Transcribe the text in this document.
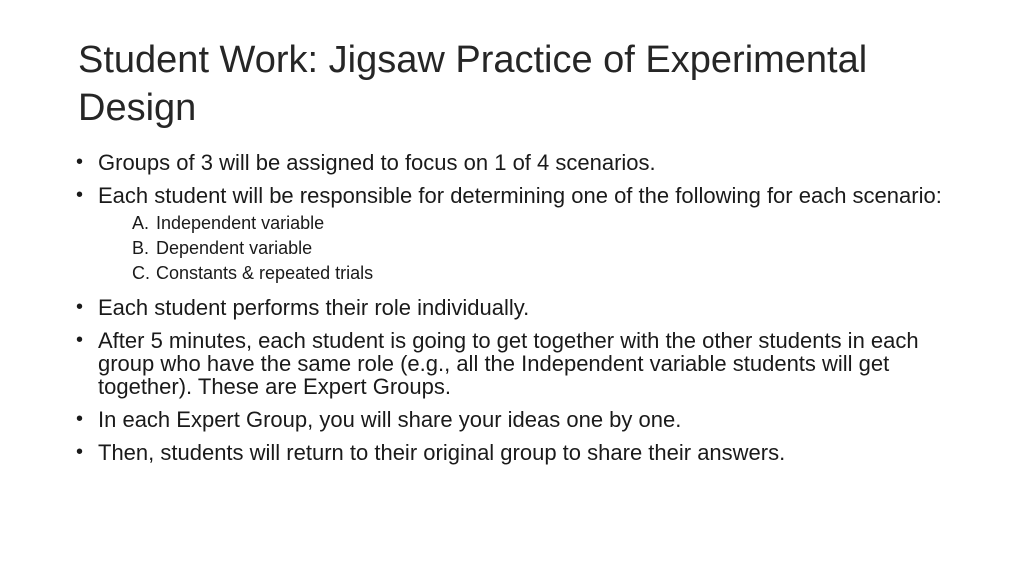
Student Work: Jigsaw Practice of Experimental Design
• Groups of 3 will be assigned to focus on 1 of 4 scenarios.
• Each student will be responsible for determining one of the following for each scenario:
A. Independent variable
B. Dependent variable
C. Constants & repeated trials
• Each student performs their role individually.
• After 5 minutes, each student is going to get together with the other students in each group who have the same role (e.g., all the Independent variable students will get together). These are Expert Groups.
• In each Expert Group, you will share your ideas one by one.
• Then, students will return to their original group to share their answers.
